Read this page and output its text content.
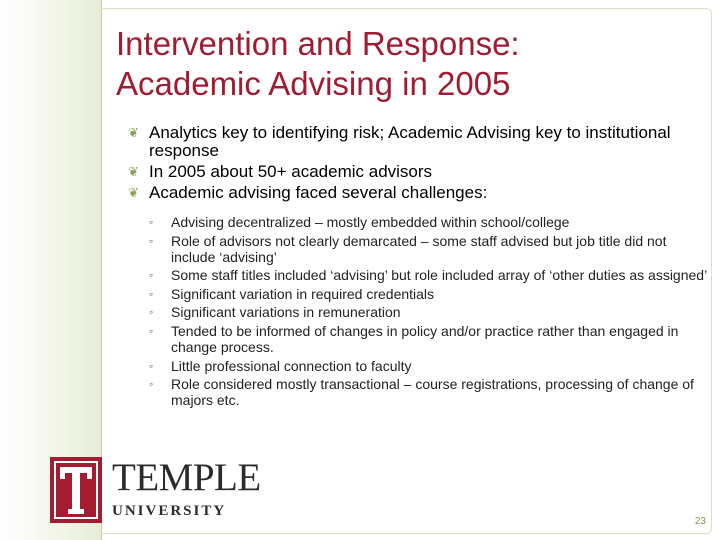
Intervention and Response:
Academic Advising in 2005
❦ Analytics key to identifying risk; Academic Advising key to institutional response
❦ In 2005 about 50+ academic advisors
❦ Academic advising faced several challenges:
◦	Advising decentralized – mostly embedded within school/college
◦	Role of advisors not clearly demarcated – some staff advised but job title did not include ‘advising’
◦	Some staff titles included ‘advising’ but role included array of ‘other duties as assigned’
◦	Significant variation in required credentials
◦	Significant variations in remuneration
◦	Tended to be informed of changes in policy and/or practice rather than engaged in change process.
◦	Little professional connection to faculty
◦	Role considered mostly transactional – course registrations, processing of change of majors etc.
TEMPLE
UNIVERSITY
23
